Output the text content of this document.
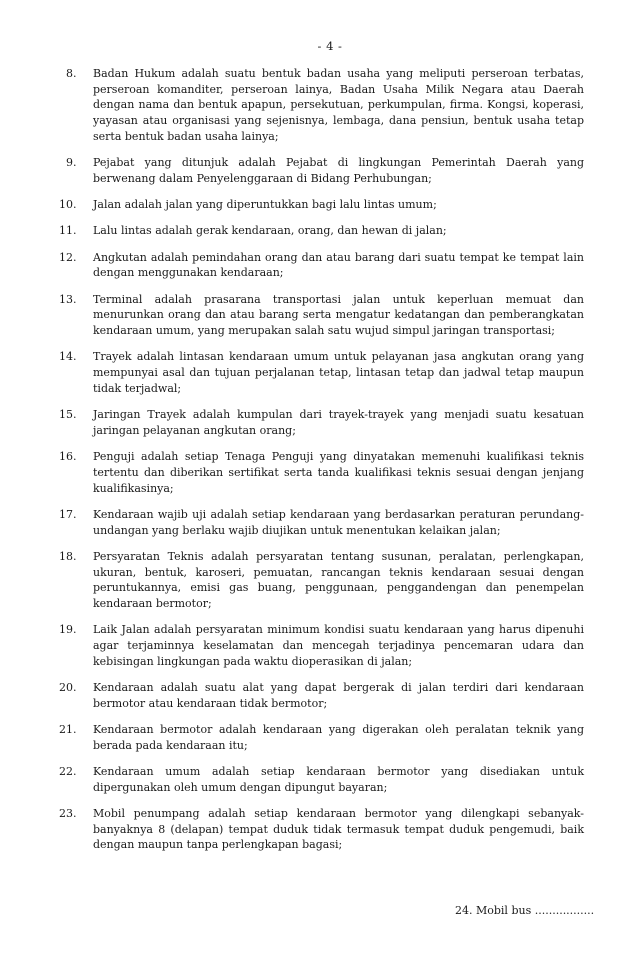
- 4 -
8.	Badan Hukum adalah suatu bentuk badan usaha yang meliputi perseroan terbatas, perseroan komanditer, perseroan lainya, Badan Usaha Milik Negara atau Daerah dengan nama dan bentuk apapun, persekutuan, perkumpulan, firma. Kongsi, koperasi, yayasan atau organisasi yang sejenisnya, lembaga, dana pensiun, bentuk usaha tetap serta bentuk badan usaha lainya;
9.	Pejabat yang ditunjuk adalah Pejabat di lingkungan Pemerintah Daerah yang berwenang dalam Penyelenggaraan di Bidang Perhubungan;
10.	Jalan adalah jalan yang diperuntukkan bagi lalu lintas umum;
11.	Lalu lintas adalah gerak kendaraan, orang, dan hewan di jalan;
12.	Angkutan adalah pemindahan orang dan atau barang dari suatu tempat ke tempat lain dengan menggunakan kendaraan;
13.	Terminal adalah prasarana transportasi jalan untuk keperluan memuat dan menurunkan orang dan atau barang serta mengatur kedatangan dan pemberangkatan kendaraan umum, yang merupakan salah satu wujud simpul jaringan transportasi;
14.	Trayek adalah lintasan kendaraan umum untuk pelayanan jasa angkutan orang yang mempunyai asal dan tujuan perjalanan tetap, lintasan tetap dan jadwal tetap maupun tidak terjadwal;
15.	Jaringan Trayek adalah kumpulan dari trayek-trayek yang menjadi suatu kesatuan jaringan pelayanan angkutan orang;
16.	Penguji adalah setiap Tenaga Penguji yang dinyatakan memenuhi kualifikasi teknis tertentu dan diberikan sertifikat serta tanda kualifikasi teknis sesuai dengan jenjang kualifikasinya;
17.	Kendaraan wajib uji adalah setiap kendaraan yang berdasarkan peraturan perundang-undangan yang berlaku wajib diujikan untuk menentukan kelaikan jalan;
18.	Persyaratan Teknis adalah persyaratan tentang susunan, peralatan, perlengkapan, ukuran, bentuk, karoseri, pemuatan, rancangan teknis kendaraan sesuai dengan peruntukannya, emisi gas buang, penggunaan, penggandengan dan penempelan kendaraan bermotor;
19.	Laik Jalan adalah persyaratan minimum kondisi suatu kendaraan yang harus dipenuhi agar terjaminnya keselamatan dan mencegah terjadinya pencemaran udara dan kebisingan lingkungan pada waktu dioperasikan di jalan;
20.	Kendaraan adalah suatu alat yang dapat bergerak di jalan terdiri dari kendaraan bermotor atau kendaraan tidak bermotor;
21.	Kendaraan bermotor adalah kendaraan yang digerakan oleh peralatan teknik yang berada pada kendaraan itu;
22.	Kendaraan umum adalah setiap kendaraan bermotor yang disediakan untuk dipergunakan oleh umum dengan dipungut bayaran;
23.	Mobil penumpang adalah setiap kendaraan bermotor yang dilengkapi sebanyak-banyaknya 8 (delapan) tempat duduk tidak termasuk tempat duduk pengemudi, baik dengan maupun tanpa perlengkapan bagasi;
24. Mobil bus .................
